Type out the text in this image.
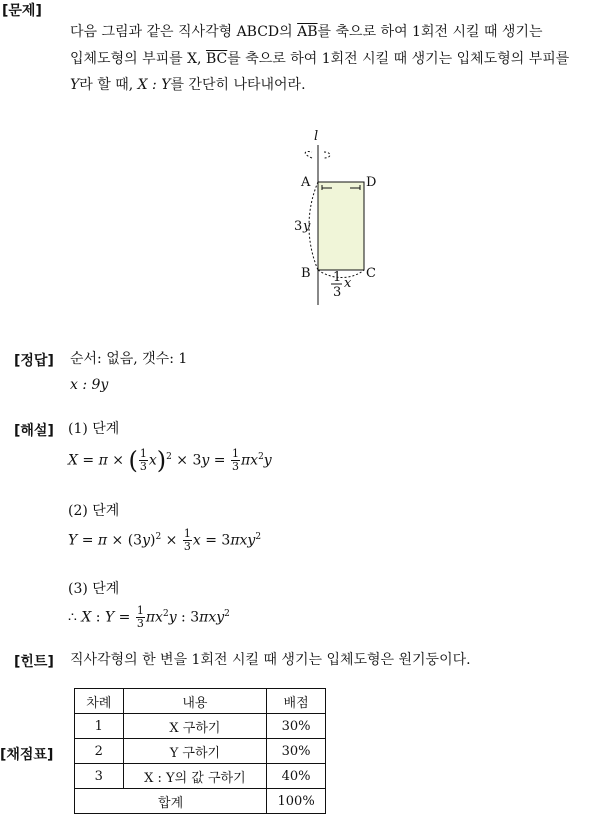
[문제]
[정답]
[해설]
[힌트]
[채점표]
다음 그림과 같은 직사각형 ABCD의 $\overline{AB}$를 축으로 하여 1회전 시킬 때 생기는
입체도형의 부피를 X, $\overline{BC}$를 축으로 하여 1회전 시킬 때 생기는 입체도형의 부피를
Y라 할 때, X : Y를 간단히 나타내어라.
l
A	D
B	C
3 y
1
3
x
순서: 없음, 갯수: 1
x : 9y
(1) 단계
X = π × ( $\frac{1}{3} x)^2 \times 3y = \frac{1}{3} \pi x^2y$
(2) 단계
$Y = \pi \times (3y)^2 \times \frac{1}{3}$ x = 3πxy$^2$
(3) 단계
∴ X : $Y = \frac{1}{3} \pi x^2y$ : 3πxy$^2$
직사각형의 한 변을 1회전 시킬 때 생기는 입체도형은 원기둥이다.
차례	내용	배점
1	X 구하기	30%
2	Y 구하기	30%
3	X : Y의 값 구하기	40%
합계		100%
